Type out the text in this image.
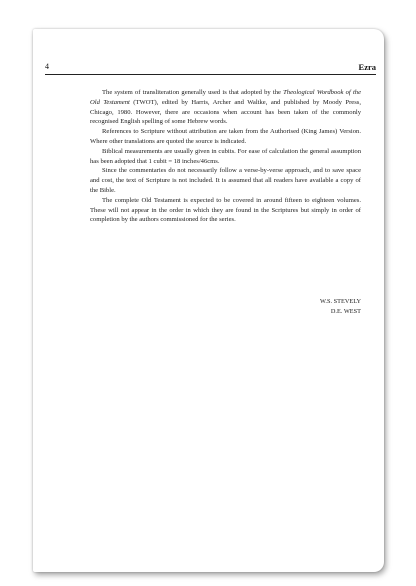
4	Ezra

The system of transliteration generally used is that adopted by the Theological Wordbook of the Old Testament (TWOT), edited by Harris, Archer and Waltke, and published by Moody Press, Chicago, 1980. However, there are occasions when account has been taken of the commonly recognised English spelling of some Hebrew words.

References to Scripture without attribution are taken from the Authorised (King James) Version. Where other translations are quoted the source is indicated.

Biblical measurements are usually given in cubits. For ease of calculation the general assumption has been adopted that 1 cubit = 18 inches/46cms.

Since the commentaries do not necessarily follow a verse-by-verse approach, and to save space and cost, the text of Scripture is not included. It is assumed that all readers have available a copy of the Bible.

The complete Old Testament is expected to be covered in around fifteen to eighteen volumes. These will not appear in the order in which they are found in the Scriptures but simply in order of completion by the authors commissioned for the series.

W.S. STEVELY
D.E. WEST
